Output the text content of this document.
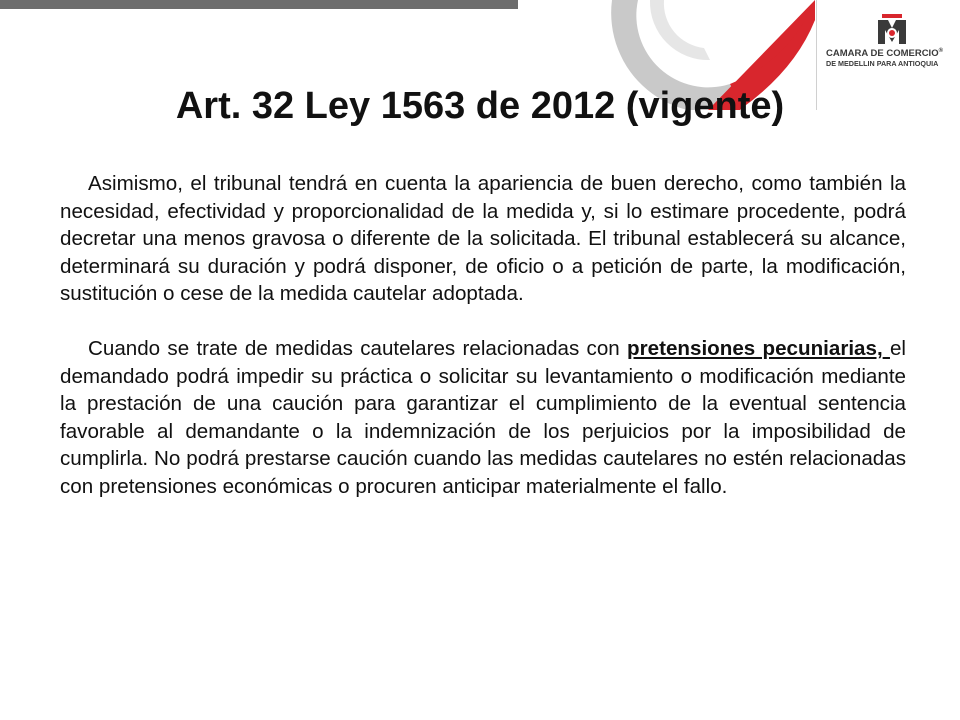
CAMARA DE COMERCIO®
DE MEDELLIN PARA ANTIOQUIA
Art. 32 Ley 1563 de 2012 (vigente)

Asimismo, el tribunal tendrá en cuenta la apariencia de buen derecho, como también la necesidad, efectividad y proporcionalidad de la medida y, si lo estimare procedente, podrá decretar una menos gravosa o diferente de la solicitada. El tribunal establecerá su alcance, determinará su duración y podrá disponer, de oficio o a petición de parte, la modificación, sustitución o cese de la medida cautelar adoptada.

Cuando se trate de medidas cautelares relacionadas con pretensiones pecuniarias, el demandado podrá impedir su práctica o solicitar su levantamiento o modificación mediante la prestación de una caución para garantizar el cumplimiento de la eventual sentencia favorable al demandante o la indemnización de los perjuicios por la imposibilidad de cumplirla. No podrá prestarse caución cuando las medidas cautelares no estén relacionadas con pretensiones económicas o procuren anticipar materialmente el fallo.
